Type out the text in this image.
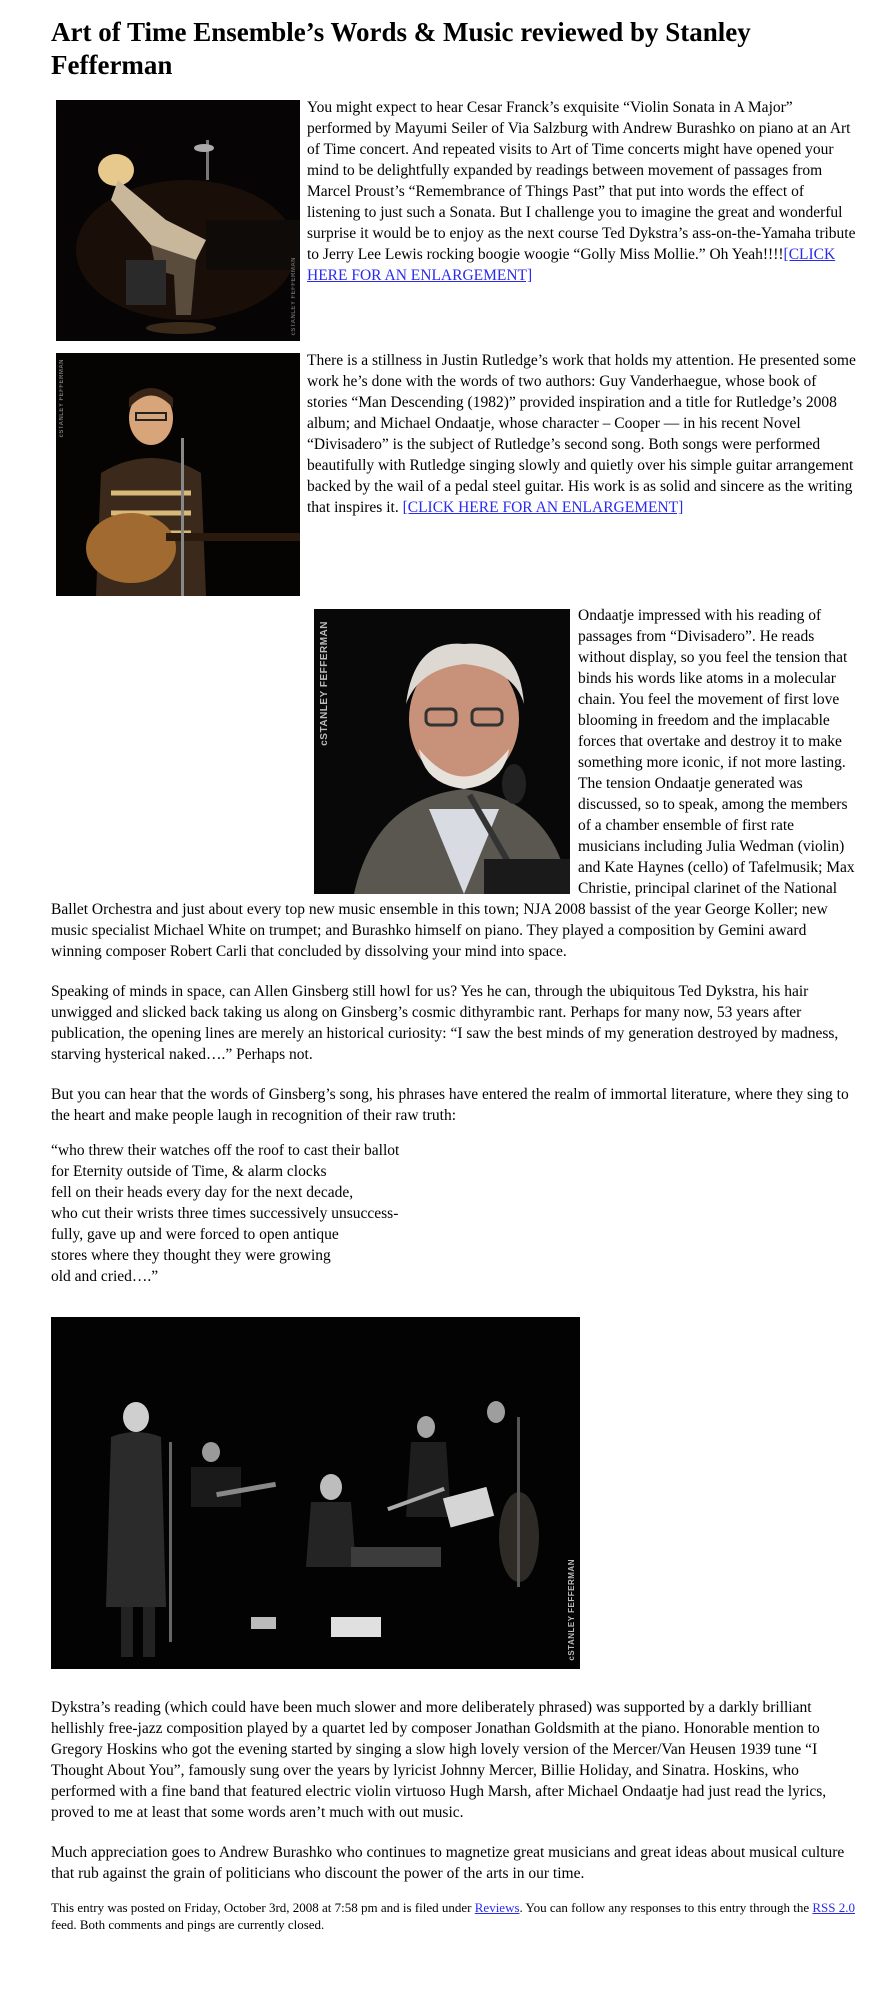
Art of Time Ensemble’s Words & Music reviewed by Stanley Fefferman
cSTANLEY FEFFERMAN

You might expect to hear Cesar Franck’s exquisite “Violin Sonata in A Major” performed by Mayumi Seiler of Via Salzburg with Andrew Burashko on piano at an Art of Time concert. And repeated visits to Art of Time concerts might have opened your mind to be delightfully expanded by readings between movement of passages from Marcel Proust’s “Remembrance of Things Past” that put into words the effect of listening to just such a Sonata. But I challenge you to imagine the great and wonderful surprise it would be to enjoy as the next course Ted Dykstra’s ass-on-the-Yamaha tribute to Jerry Lee Lewis rocking boogie woogie “Golly Miss Mollie.” Oh Yeah!!!![CLICK HERE FOR AN ENLARGEMENT]

cSTANLEY FEFFERMAN	There is a stillness in Justin Rutledge’s work that holds my attention. He presented some work he’s done with the words of two authors: Guy Vanderhaegue, whose book of stories “Man Descending (1982)” provided inspiration and a title for Rutledge’s 2008 album; and Michael Ondaatje, whose character – Cooper — in his recent Novel “Divisadero” is the subject of Rutledge’s second song. Both songs were performed beautifully with Rutledge singing slowly and quietly over his simple guitar arrangement backed by the wail of a pedal steel guitar. His work is as solid and sincere as the writing that inspires it. [CLICK HERE FOR AN ENLARGEMENT]

cSTANLEY FEFFERMAN

Ondaatje impressed with his reading of passages from “Divisadero”. He reads without display, so you feel the tension that binds his words like atoms in a molecular chain. You feel the movement of first love blooming in freedom and the implacable forces that overtake and destroy it to make something more iconic, if not more lasting. The tension Ondaatje generated was discussed, so to speak, among the members of a chamber ensemble of first rate musicians including Julia Wedman (violin) and Kate Haynes (cello) of Tafelmusik; Max Christie, principal clarinet of the National Ballet Orchestra and just about every top new music ensemble in this town; NJA 2008 bassist of the year George Koller; new music specialist Michael White on trumpet; and Burashko himself on piano. They played a composition by Gemini award winning composer Robert Carli that concluded by dissolving your mind into space.

Speaking of minds in space, can Allen Ginsberg still howl for us? Yes he can, through the ubiquitous Ted Dykstra, his hair unwigged and slicked back taking us along on Ginsberg’s cosmic dithyrambic rant. Perhaps for many now, 53 years after publication, the opening lines are merely an historical curiosity: “I saw the best minds of my generation destroyed by madness, starving hysterical naked….” Perhaps not.

But you can hear that the words of Ginsberg’s song, his phrases have entered the realm of immortal literature, where they sing to the heart and make people laugh in recognition of their raw truth:

“who threw their watches off the roof to cast their ballot

for Eternity outside of Time, & alarm clocks

fell on their heads every day for the next decade,

who cut their wrists three times successively unsuccess-

fully, gave up and were forced to open antique

stores where they thought they were growing

old and cried….”

cSTANLEY FEFFERMAN

Dykstra’s reading (which could have been much slower and more deliberately phrased) was supported by a darkly brilliant hellishly free-jazz composition played by a quartet led by composer Jonathan Goldsmith at the piano. Honorable mention to Gregory Hoskins who got the evening started by singing a slow high lovely version of the Mercer/Van Heusen 1939 tune “I Thought About You”, famously sung over the years by lyricist Johnny Mercer, Billie Holiday, and Sinatra. Hoskins, who performed with a fine band that featured electric violin virtuoso Hugh Marsh, after Michael Ondaatje had just read the lyrics, proved to me at least that some words aren’t much with out music.

Much appreciation goes to Andrew Burashko who continues to magnetize great musicians and great ideas about musical culture that rub against the grain of politicians who discount the power of the arts in our time.

This entry was posted on Friday, October 3rd, 2008 at 7:58 pm and is filed under Reviews. You can follow any responses to this entry through the RSS 2.0 feed. Both comments and pings are currently closed.
